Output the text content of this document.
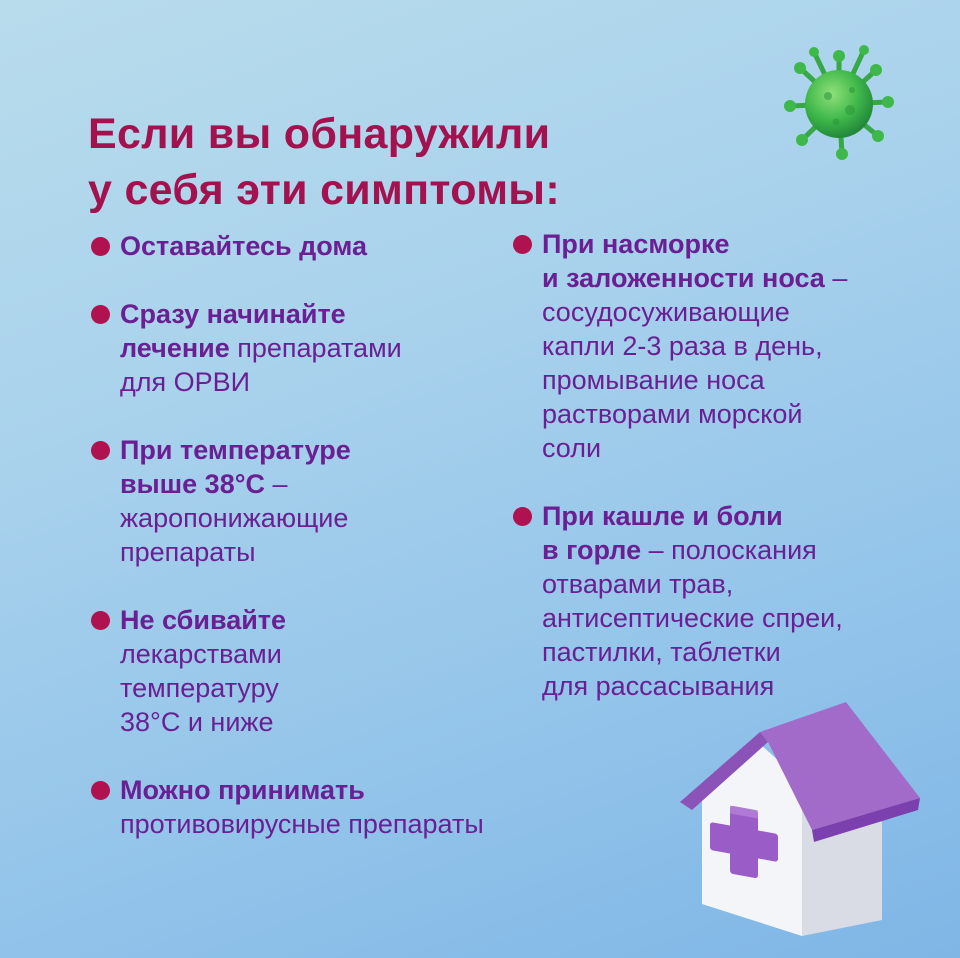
Если вы обнаружили
у себя эти симптомы:
Оставайтесь дома
Сразу начинайте
лечение препаратами
для ОРВИ
При температуре
выше 38°С –
жаропонижающие
препараты
Не сбивайте
лекарствами
температуру
38°С и ниже
Можно принимать
противовирусные препараты
При насморке
и заложенности носа –
сосудосуживающие
капли 2-3 раза в день,
промывание носа
растворами морской
соли
При кашле и боли
в горле – полоскания
отварами трав,
антисептические спреи,
пастилки, таблетки
для рассасывания
